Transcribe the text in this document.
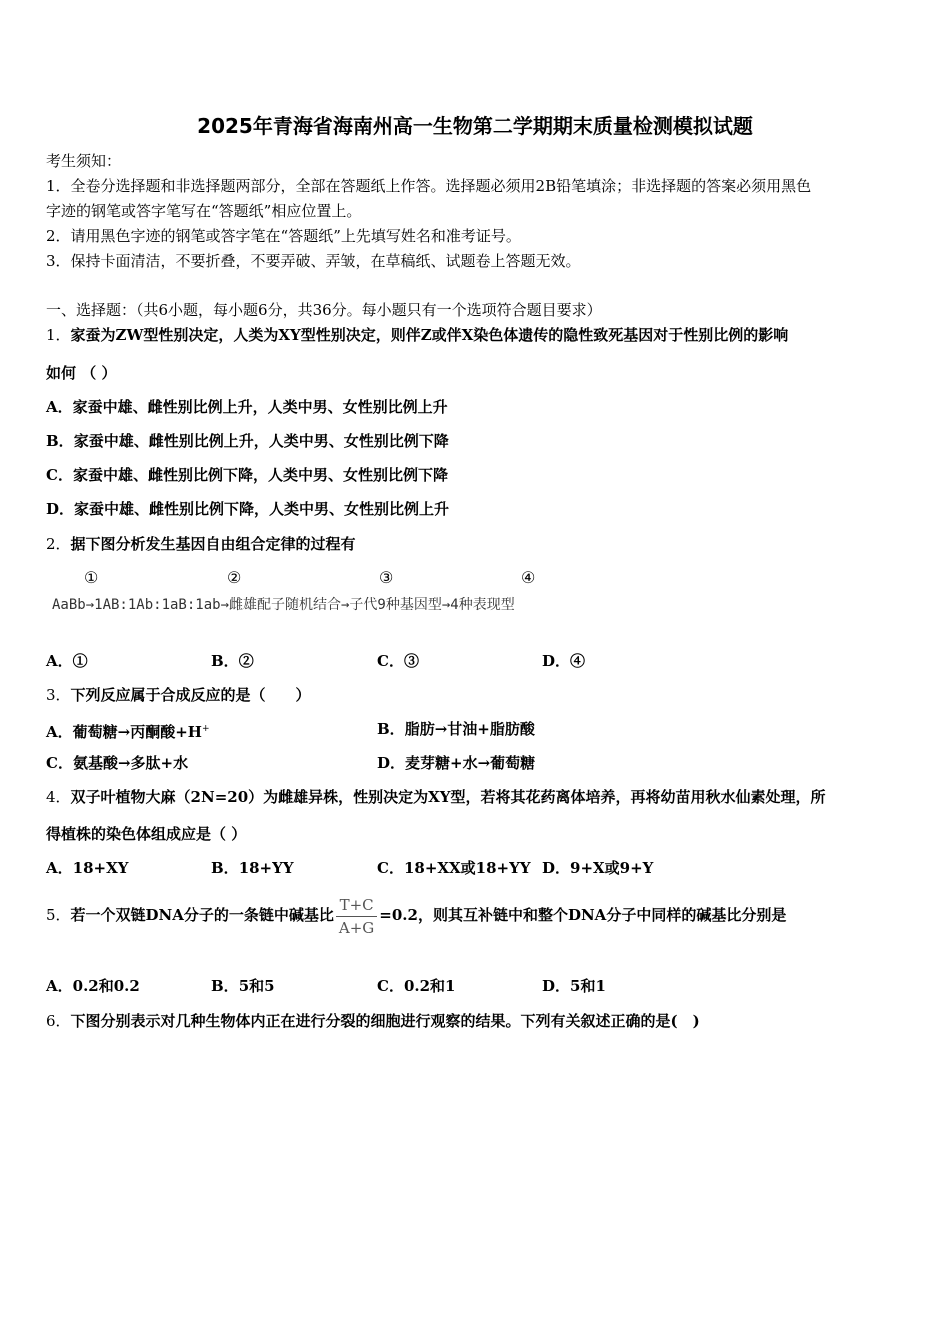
2025年青海省海南州高一生物第二学期期末质量检测模拟试题
考生须知：
1．全卷分选择题和非选择题两部分，全部在答题纸上作答。选择题必须用2B铅笔填涂；非选择题的答案必须用黑色
字迹的钢笔或答字笔写在“答题纸”相应位置上。
2．请用黑色字迹的钢笔或答字笔在“答题纸”上先填写姓名和准考证号。
3．保持卡面清洁，不要折叠，不要弄破、弄皱，在草稿纸、试题卷上答题无效。
一、选择题：（共6小题，每小题6分，共36分。每小题只有一个选项符合题目要求）
1．家蚕为ZW型性别决定，人类为XY型性别决定，则伴Z或伴X染色体遗传的隐性致死基因对于性别比例的影响
如何 （ ）
A．家蚕中雄、雌性别比例上升，人类中男、女性别比例上升
B．家蚕中雄、雌性别比例上升，人类中男、女性别比例下降
C．家蚕中雄、雌性别比例下降，人类中男、女性别比例下降
D．家蚕中雄、雌性别比例下降，人类中男、女性别比例上升
2．据下图分析发生基因自由组合定律的过程有
①	②	③	④
AaBb→1AB:1Ab:1aB:1ab→雌雄配子随机结合→子代9种基因型→4种表现型
A．①	B．②	C．③	D．④
3．下列反应属于合成反应的是（　　）
A．葡萄糖→丙酮酸+H+	B．脂肪→甘油+脂肪酸
C．氨基酸→多肽+水	D．麦芽糖+水→葡萄糖
4．双子叶植物大麻（2N=20）为雌雄异株，性别决定为XY型，若将其花药离体培养，再将幼苗用秋水仙素处理，所
得植株的染色体组成应是（ ）
A．18+XY	B．18+YY	C．18+XX或18+YY D．9+X或9+Y
5．若一个双链DNA分子的一条链中碱基比 $\frac{T+C}{A+G} =0.2$，则其互补链中和整个DNA分子中同样的碱基比分别是
A．0.2和0.2	B．5和5	C．0.2和1	D．5和1
6．下图分别表示对几种生物体内正在进行分裂的细胞进行观察的结果。下列有关叙述正确的是(　)
